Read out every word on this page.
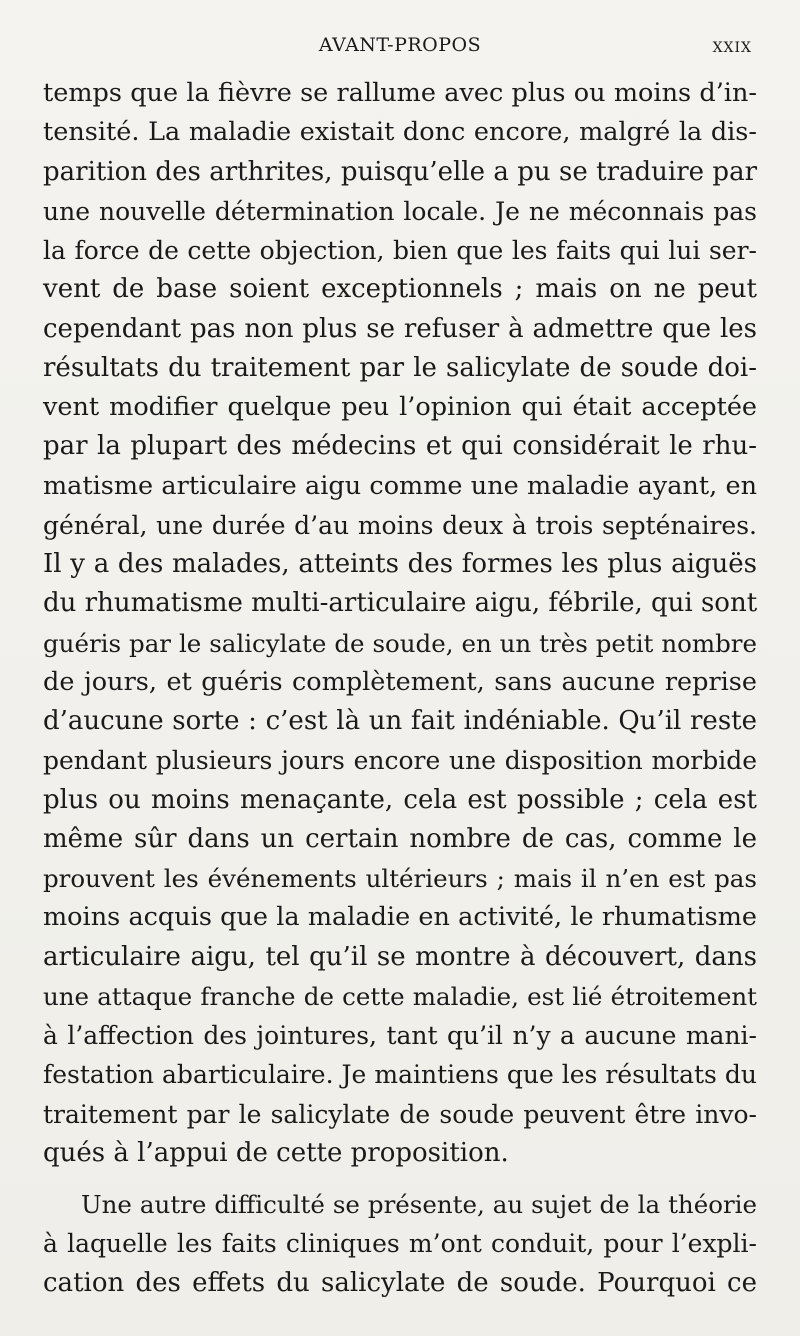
AVANT-PROPOS	XXIX
temps que la fièvre se rallume avec plus ou moins d’in-
tensité. La maladie existait donc encore, malgré la dis-
parition des arthrites, puisqu’elle a pu se traduire par
une nouvelle détermination locale. Je ne méconnais pas
la force de cette objection, bien que les faits qui lui ser-
vent de base soient exceptionnels ; mais on ne peut
cependant pas non plus se refuser à admettre que les
résultats du traitement par le salicylate de soude doi-
vent modifier quelque peu l’opinion qui était acceptée
par la plupart des médecins et qui considérait le rhu-
matisme articulaire aigu comme une maladie ayant, en
général, une durée d’au moins deux à trois septénaires.
Il y a des malades, atteints des formes les plus aiguës
du rhumatisme multi-articulaire aigu, fébrile, qui sont
guéris par le salicylate de soude, en un très petit nombre
de jours, et guéris complètement, sans aucune reprise
d’aucune sorte : c’est là un fait indéniable. Qu’il reste
pendant plusieurs jours encore une disposition morbide
plus ou moins menaçante, cela est possible ; cela est
même sûr dans un certain nombre de cas, comme le
prouvent les événements ultérieurs ; mais il n’en est pas
moins acquis que la maladie en activité, le rhumatisme
articulaire aigu, tel qu’il se montre à découvert, dans
une attaque franche de cette maladie, est lié étroitement
à l’affection des jointures, tant qu’il n’y a aucune mani-
festation abarticulaire. Je maintiens que les résultats du
traitement par le salicylate de soude peuvent être invo-
qués à l’appui de cette proposition.
Une autre difficulté se présente, au sujet de la théorie
à laquelle les faits cliniques m’ont conduit, pour l’expli-
cation des effets du salicylate de soude. Pourquoi ce
